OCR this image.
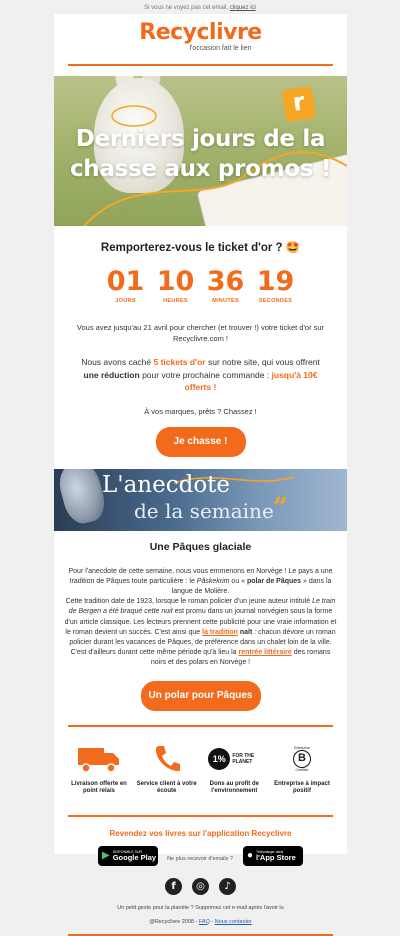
Si vous ne voyez pas cet email, cliquez ici
Recyclivre
l'occasion fait le lien
r
Derniers jours de la
chasse aux promos !
Remporterez-vous le ticket d'or ? 🤩
01
JOURS
10
HEURES
36
MINUTES
19
SECONDES
Vous avez jusqu'au 21 avril pour chercher (et trouver !) votre ticket d'or sur Recyclivre.com !
Nous avons caché 5 tickets d'or sur notre site, qui vous offrent une réduction pour votre prochaine commande : jusqu'à 10€ offerts !
À vos marques, prêts ? Chassez !
Je chasse !
L'anecdote
de la semaine ”
Une Pâques glaciale
Pour l'anecdote de cette semaine, nous vous emmenons en Norvège ! Le pays a une tradition de Pâques toute particulière : le Påskekrim ou « polar de Pâques » dans la langue de Molière.
Cette tradition date de 1923, lorsque le roman policier d'un jeune auteur intitulé Le train de Bergen a été braqué cette nuit est promu dans un journal norvégien sous la forme d'un article classique. Les lecteurs prennent cette publicité pour une vraie information et le roman devient un succès. C'est ainsi que la tradition naît : chacun dévore un roman policier durant les vacances de Pâques, de préférence dans un chalet loin de la ville. C'est d'ailleurs durant cette même période qu'à lieu la rentrée littéraire des romans noirs et des polars en Norvège !
Un polar pour Pâques
Livraison offerte en point relais
Service client à votre écoute
1%	FOR THE PLANET
Dons au profit de l'environnement
Entreprise
B
Certifiée
Entreprise à impact positif
Revendez vos livres sur l'application Recyclivre
▶ DISPONIBLE SUR
Google Play	● Télécharger dans
l'App Store
f	◎	♪
Un petit geste pour la planète ? Supprimez cet e-mail après l'avoir lu
@Recyclivre 2008 - FAQ - Nous contacter
Ne plus recevoir d'emails ?
